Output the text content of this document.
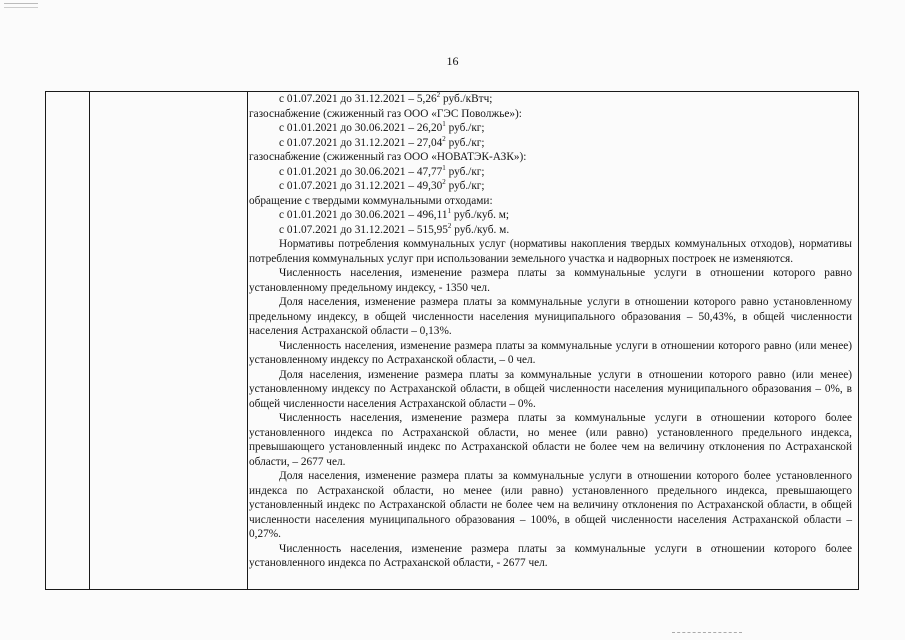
16

с 01.07.2021 до 31.12.2021 – 5,26$^2$ руб./кВтч;

газоснабжение (сжиженный газ ООО «ГЭС Поволжье»):

с 01.01.2021 до 30.06.2021 – 26,20$^1$ руб./кг;

с 01.07.2021 до 31.12.2021 – 27,04$^2$ руб./кг;

газоснабжение (сжиженный газ ООО «НОВАТЭК-АЗК»):

с 01.01.2021 до 30.06.2021 – 47,77$^1$ руб./кг;

с 01.07.2021 до 31.12.2021 – 49,30$^2$ руб./кг;

обращение с твердыми коммунальными отходами:

с 01.01.2021 до 30.06.2021 – 496,11$^1$ руб./куб. м;

с 01.07.2021 до 31.12.2021 – 515,95$^2$ руб./куб. м.

Нормативы потребления коммунальных услуг (нормативы накопления твердых коммунальных отходов), нормативы потребления коммунальных услуг при использовании земельного участка и надворных построек не изменяются.

Численность населения, изменение размера платы за коммунальные услуги в отношении которого равно установленному предельному индексу, - 1350 чел.

Доля населения, изменение размера платы за коммунальные услуги в отношении которого равно установленному предельному индексу, в общей численности населения муниципального образования – 50,43%, в общей численности населения Астраханской области – 0,13%.

Численность населения, изменение размера платы за коммунальные услуги в отношении которого равно (или менее) установленному индексу по Астраханской области, – 0 чел.

Доля населения, изменение размера платы за коммунальные услуги в отношении которого равно (или менее) установленному индексу по Астраханской области, в общей численности населения муниципального образования – 0%, в общей численности населения Астраханской области – 0%.

Численность населения, изменение размера платы за коммунальные услуги в отношении которого более установленного индекса по Астраханской области, но менее (или равно) установленного предельного индекса, превышающего установленный индекс по Астраханской области не более чем на величину отклонения по Астраханской области, – 2677 чел.

Доля населения, изменение размера платы за коммунальные услуги в отношении которого более установленного индекса по Астраханской области, но менее (или равно) установленного предельного индекса, превышающего установленный индекс по Астраханской области не более чем на величину отклонения по Астраханской области, в общей численности населения муниципального образования – 100%, в общей численности населения Астраханской области – 0,27%.

Численность населения, изменение размера платы за коммунальные услуги в отношении которого более установленного индекса по Астраханской области, - 2677 чел.
